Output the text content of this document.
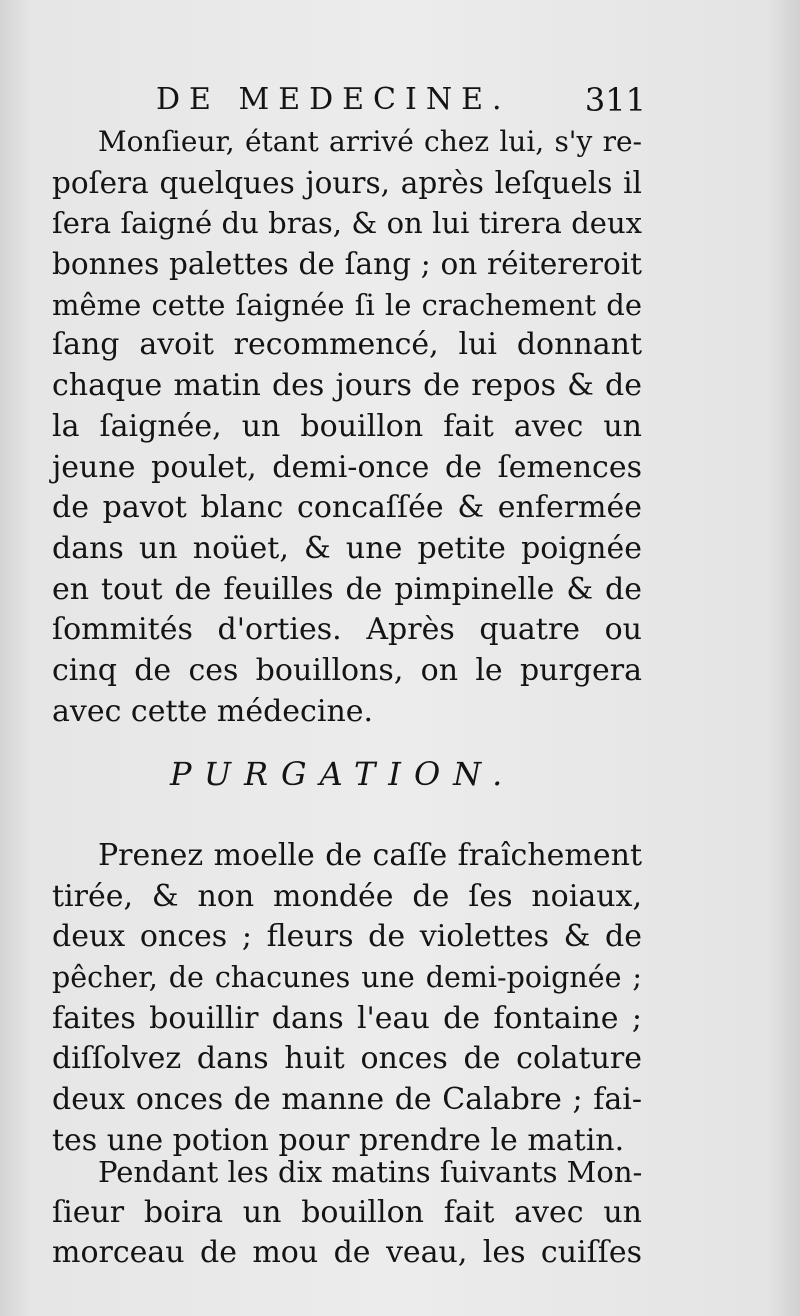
DE MEDECINE. 311
Monſieur, étant arrivé chez lui, s'y re-
poſera quelques jours, après leſquels il
ſera ſaigné du bras, & on lui tirera deux
bonnes palettes de ſang ; on réitereroit
même cette ſaignée ſi le crachement de
ſang avoit recommencé, lui donnant
chaque matin des jours de repos & de
la ſaignée, un bouillon fait avec un
jeune poulet, demi-once de ſemences
de pavot blanc concaſſée & enfermée
dans un noüet, & une petite poignée
en tout de feuilles de pimpinelle & de
ſommités d'orties. Après quatre ou
cinq de ces bouillons, on le purgera
avec cette médecine.
PURGATION.
Prenez moelle de caſſe fraîchement
tirée, & non mondée de ſes noiaux,
deux onces ; fleurs de violettes & de
pêcher, de chacunes une demi-poignée ;
faites bouillir dans l'eau de fontaine ;
diſſolvez dans huit onces de colature
deux onces de manne de Calabre ; fai-
tes une potion pour prendre le matin.
Pendant les dix matins ſuivants Mon-
ſieur boira un bouillon fait avec un
morceau de mou de veau, les cuiſſes
